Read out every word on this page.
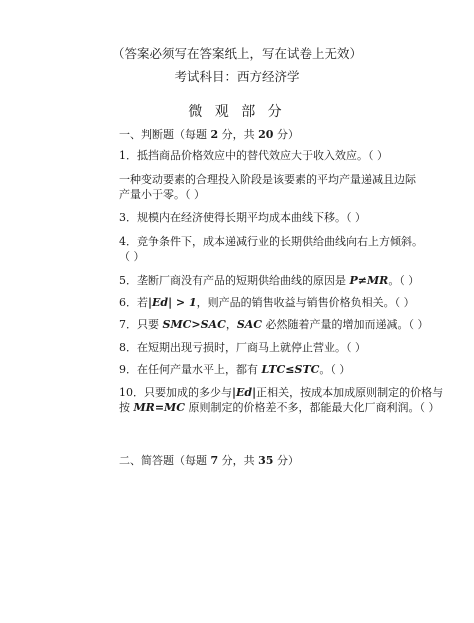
（答案必须写在答案纸上，写在试卷上无效）
考试科目：西方经济学
微 观 部 分
一、判断题（每题 2 分，共 20 分）
1．抵挡商品价格效应中的替代效应大于收入效应。（ ）
一种变动要素的合理投入阶段是该要素的平均产量递减且边际
产量小于零。（ ）
3．规模内在经济使得长期平均成本曲线下移。（ ）
4．竞争条件下，成本递减行业的长期供给曲线向右上方倾斜。
（ ）
5．垄断厂商没有产品的短期供给曲线的原因是 P≠MR。（ ）
6．若|Ed| > 1，则产品的销售收益与销售价格负相关。（ ）
7．只要 SMC>SAC，SAC 必然随着产量的增加而递减。（ ）
8．在短期出现亏损时，厂商马上就停止营业。（ ）
9．在任何产量水平上，都有 LTC≤STC。（ ）
10．只要加成的多少与|Ed|正相关，按成本加成原则制定的价格与
按 MR=MC 原则制定的价格差不多，都能最大化厂商利润。（ ）
二、简答题（每题 7 分，共 35 分）
